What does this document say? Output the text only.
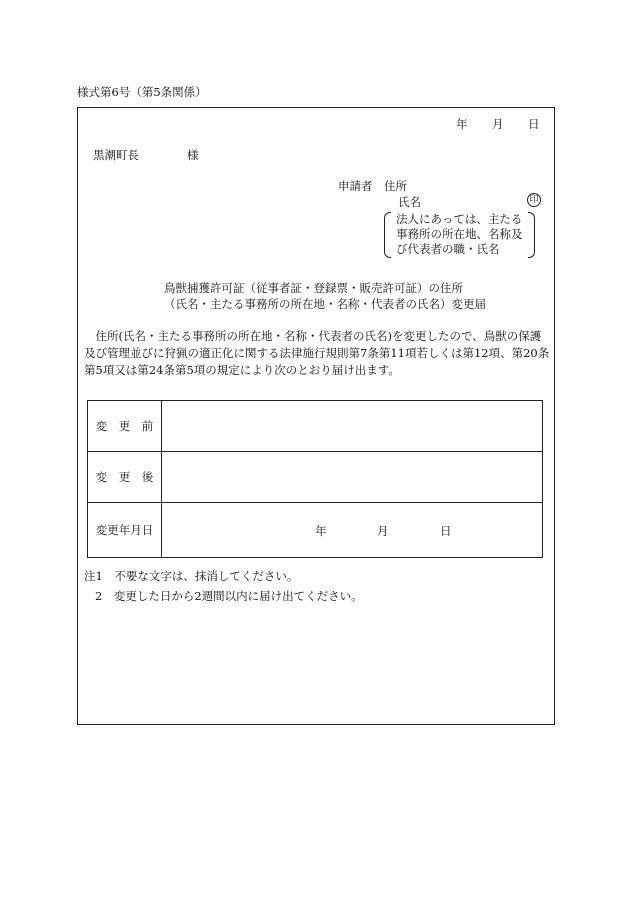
様式第6号（第5条関係）
年 月 日
黒潮町長	様
申請者 住所
氏名	印
法人にあっては、主たる
事務所の所在地、名称及
び代表者の職・氏名
鳥獣捕獲許可証（従事者証・登録票・販売許可証）の住所
（氏名・主たる事務所の所在地・名称・代表者の氏名）変更届
住所(氏名・主たる事務所の所在地・名称・代表者の氏名)を変更したので、鳥獣の保護
及び管理並びに狩猟の適正化に関する法律施行規則第7条第11項若しくは第12項、第20条
第5項又は第24条第5項の規定により次のとおり届け出ます。
変　更　前	
変　更　後	
変更年月日	年 月 日
注1　不要な文字は、抹消してください。
2　変更した日から2週間以内に届け出てください。
